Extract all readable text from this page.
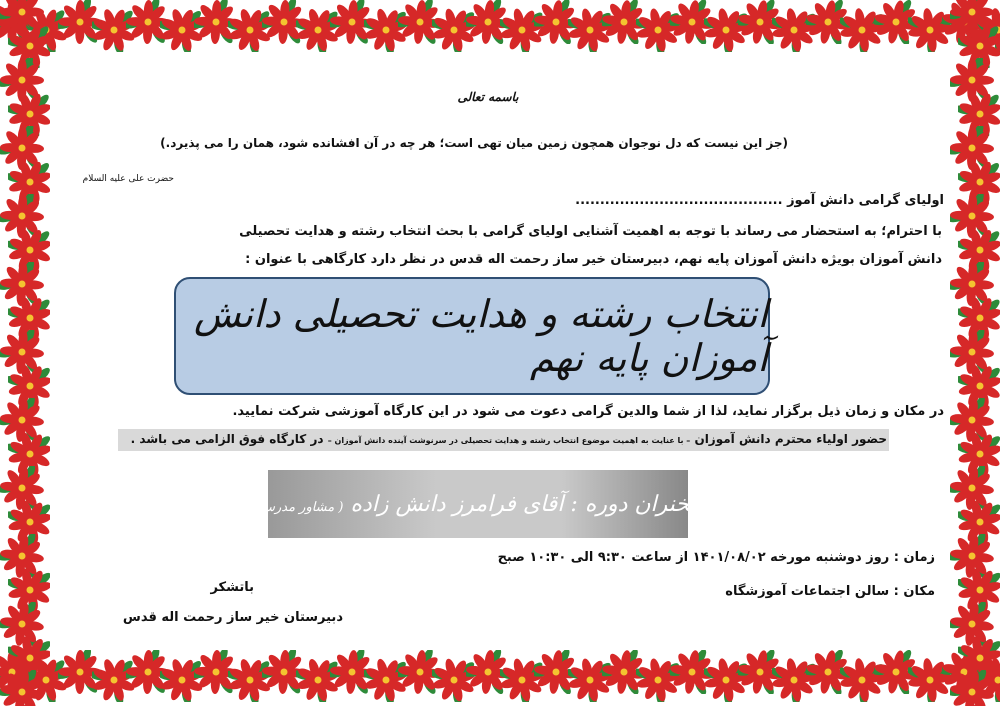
باسمه تعالی
(جز این نیست که دل نوجوان همچون زمین میان تهی است؛ هر چه در آن افشانده شود، همان را می پذیرد.)
حضرت علی علیه السلام
اولیای گرامی دانش آموز ..........................................
با احترام؛ به استحضار می رساند با توجه به اهمیت آشنایی اولیای گرامی با بحث انتخاب رشته و هدایت تحصیلی
دانش آموزان بویژه دانش آموزان پایه نهم، دبیرستان خیر ساز رحمت اله قدس در نظر دارد کارگاهی با عنوان :
انتخاب رشته و هدایت تحصیلی دانش آموزان پایه نهم
در مکان و زمان ذیل برگزار نماید، لذا از شما والدین گرامی دعوت می شود در این کارگاه آموزشی شرکت نمایید.
حضور اولیاء محترم دانش آموزان – با عنایت به اهمیت موضوع انتخاب رشته و هدایت تحصیلی در سرنوشت آینده دانش آموزان – در کارگاه فوق الزامی می باشد .
سخنران دوره : آقای فرامرز دانش زاده ( مشاور مدرسه )
زمان : روز دوشنبه مورخه ۱۴۰۱/۰۸/۰۲ از ساعت ۹:۳۰ الی ۱۰:۳۰ صبح
مکان : سالن اجتماعات آموزشگاه
باتشکر
دبیرستان خیر ساز رحمت اله قدس
